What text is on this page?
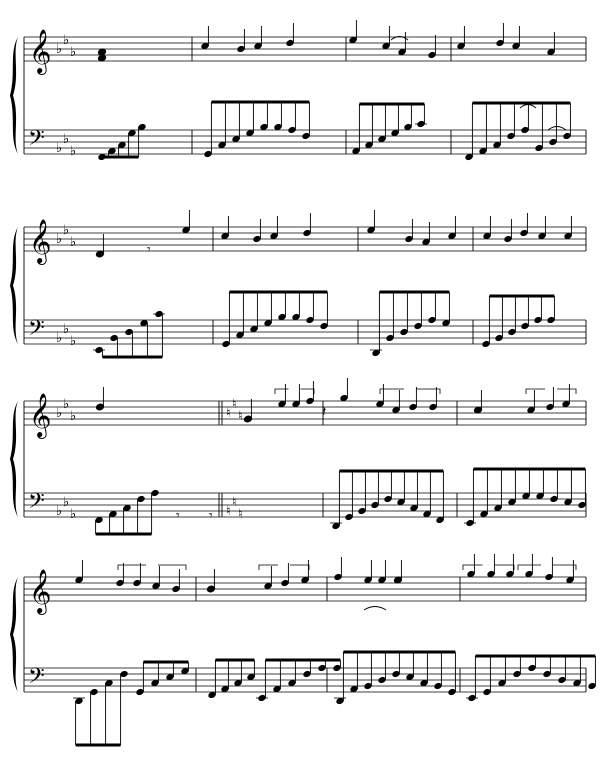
𝄞
𝄢
♭
♭
♭
♭
♭
♭
𝄞
𝄢
♭
♭
♭
♭
♭
♭
𝄞
𝄢
♭
♭
♭
♭
♭
♭
♮
♮
♮
♮
♮
♮
𝄞
𝄢
𝄾
𝄽
𝄾 𝄾
